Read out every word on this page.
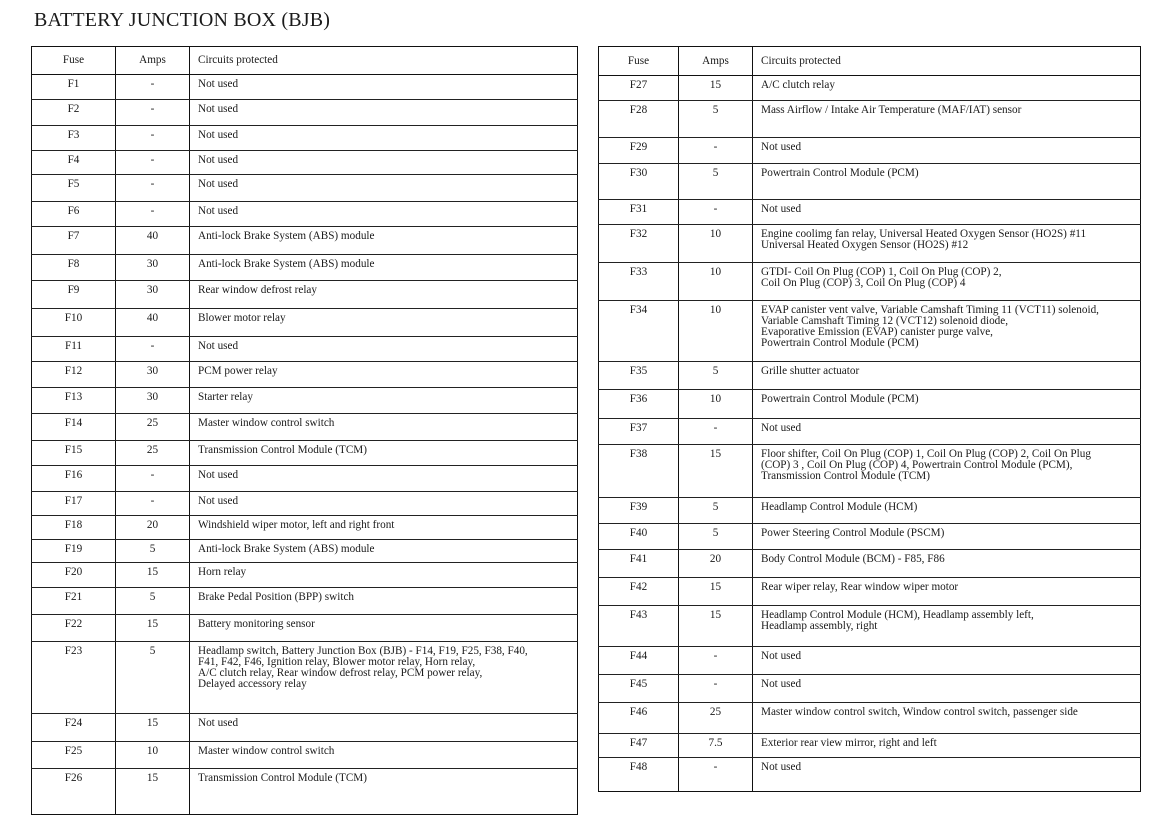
BATTERY JUNCTION BOX (BJB)
Fuse	Amps	Circuits protected
F1	-	Not used
F2	-	Not used
F3	-	Not used
F4	-	Not used
F5	-	Not used
F6	-	Not used
F7	40	Anti-lock Brake System (ABS) module
F8	30	Anti-lock Brake System (ABS) module
F9	30	Rear window defrost relay
F10	40	Blower motor relay
F11	-	Not used
F12	30	PCM power relay
F13	30	Starter relay
F14	25	Master window control switch
F15	25	Transmission Control Module (TCM)
F16	-	Not used
F17	-	Not used
F18	20	Windshield wiper motor, left and right front
F19	5	Anti-lock Brake System (ABS) module
F20	15	Horn relay
F21	5	Brake Pedal Position (BPP) switch
F22	15	Battery monitoring sensor
F23	5	Headlamp switch, Battery Junction Box (BJB) - F14, F19, F25, F38, F40,
F41, F42, F46, Ignition relay, Blower motor relay, Horn relay,
A/C clutch relay, Rear window defrost relay, PCM power relay,
Delayed accessory relay
F24	15	Not used
F25	10	Master window control switch
F26	15	Transmission Control Module (TCM)
Fuse	Amps	Circuits protected
F27	15	A/C clutch relay
F28	5	Mass Airflow / Intake Air Temperature (MAF/IAT) sensor
F29	-	Not used
F30	5	Powertrain Control Module (PCM)
F31	-	Not used
F32	10	Engine coolimg fan relay, Universal Heated Oxygen Sensor (HO2S) #11
Universal Heated Oxygen Sensor (HO2S) #12
F33	10	GTDI- Coil On Plug (COP) 1, Coil On Plug (COP) 2,
Coil On Plug (COP) 3, Coil On Plug (COP) 4
F34	10	EVAP canister vent valve, Variable Camshaft Timing 11 (VCT11) solenoid,
Variable Camshaft Timing 12 (VCT12) solenoid diode,
Evaporative Emission (EVAP) canister purge valve,
Powertrain Control Module (PCM)
F35	5	Grille shutter actuator
F36	10	Powertrain Control Module (PCM)
F37	-	Not used
F38	15	Floor shifter, Coil On Plug (COP) 1, Coil On Plug (COP) 2, Coil On Plug
(COP) 3 , Coil On Plug (COP) 4, Powertrain Control Module (PCM),
Transmission Control Module (TCM)
F39	5	Headlamp Control Module (HCM)
F40	5	Power Steering Control Module (PSCM)
F41	20	Body Control Module (BCM) - F85, F86
F42	15	Rear wiper relay, Rear window wiper motor
F43	15	Headlamp Control Module (HCM), Headlamp assembly left,
Headlamp assembly, right
F44	-	Not used
F45	-	Not used
F46	25	Master window control switch, Window control switch, passenger side
F47	7.5	Exterior rear view mirror, right and left
F48	-	Not used
